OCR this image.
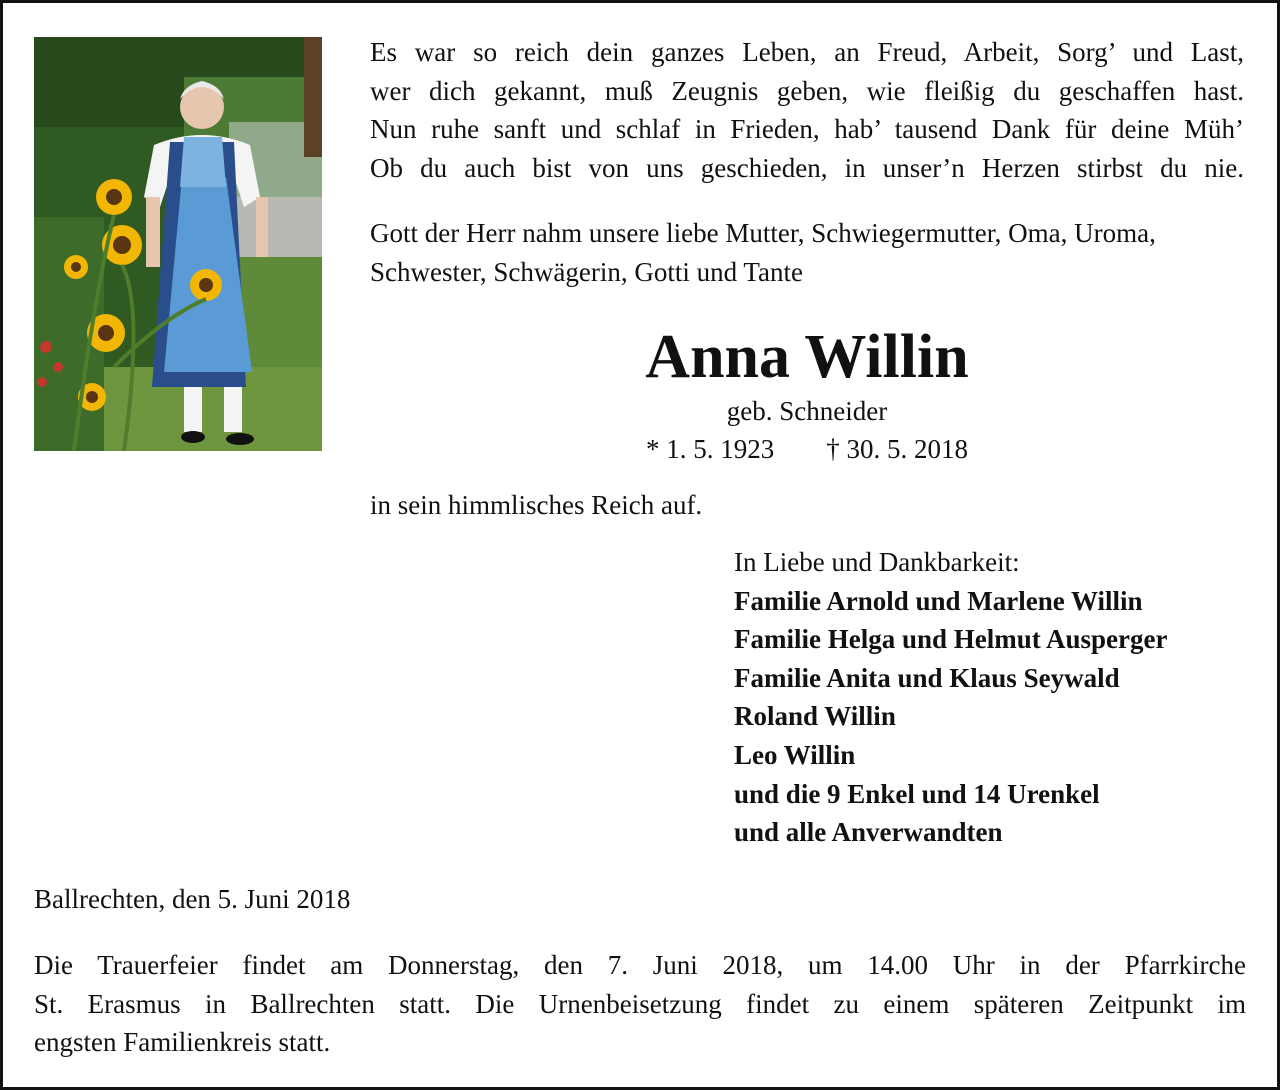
Es war so reich dein ganzes Leben, an Freud, Arbeit, Sorg’ und Last,
wer dich gekannt, muß Zeugnis geben, wie fleißig du geschaffen hast.
Nun ruhe sanft und schlaf in Frieden, hab’ tausend Dank für deine Müh’
Ob du auch bist von uns geschieden, in unser’n Herzen stirbst du nie.
Gott der Herr nahm unsere liebe Mutter, Schwiegermutter, Oma, Uroma,
Schwester, Schwägerin, Gotti und Tante
Anna Willin
geb. Schneider
* 1. 5. 1923 † 30. 5. 2018
in sein himmlisches Reich auf.
In Liebe und Dankbarkeit:
Familie Arnold und Marlene Willin
Familie Helga und Helmut Ausperger
Familie Anita und Klaus Seywald
Roland Willin
Leo Willin
und die 9 Enkel und 14 Urenkel
und alle Anverwandten
Ballrechten, den 5. Juni 2018
Die Trauerfeier findet am Donnerstag, den 7. Juni 2018, um 14.00 Uhr in der Pfarrkirche
St. Erasmus in Ballrechten statt. Die Urnenbeisetzung findet zu einem späteren Zeitpunkt im
engsten Familienkreis statt.
